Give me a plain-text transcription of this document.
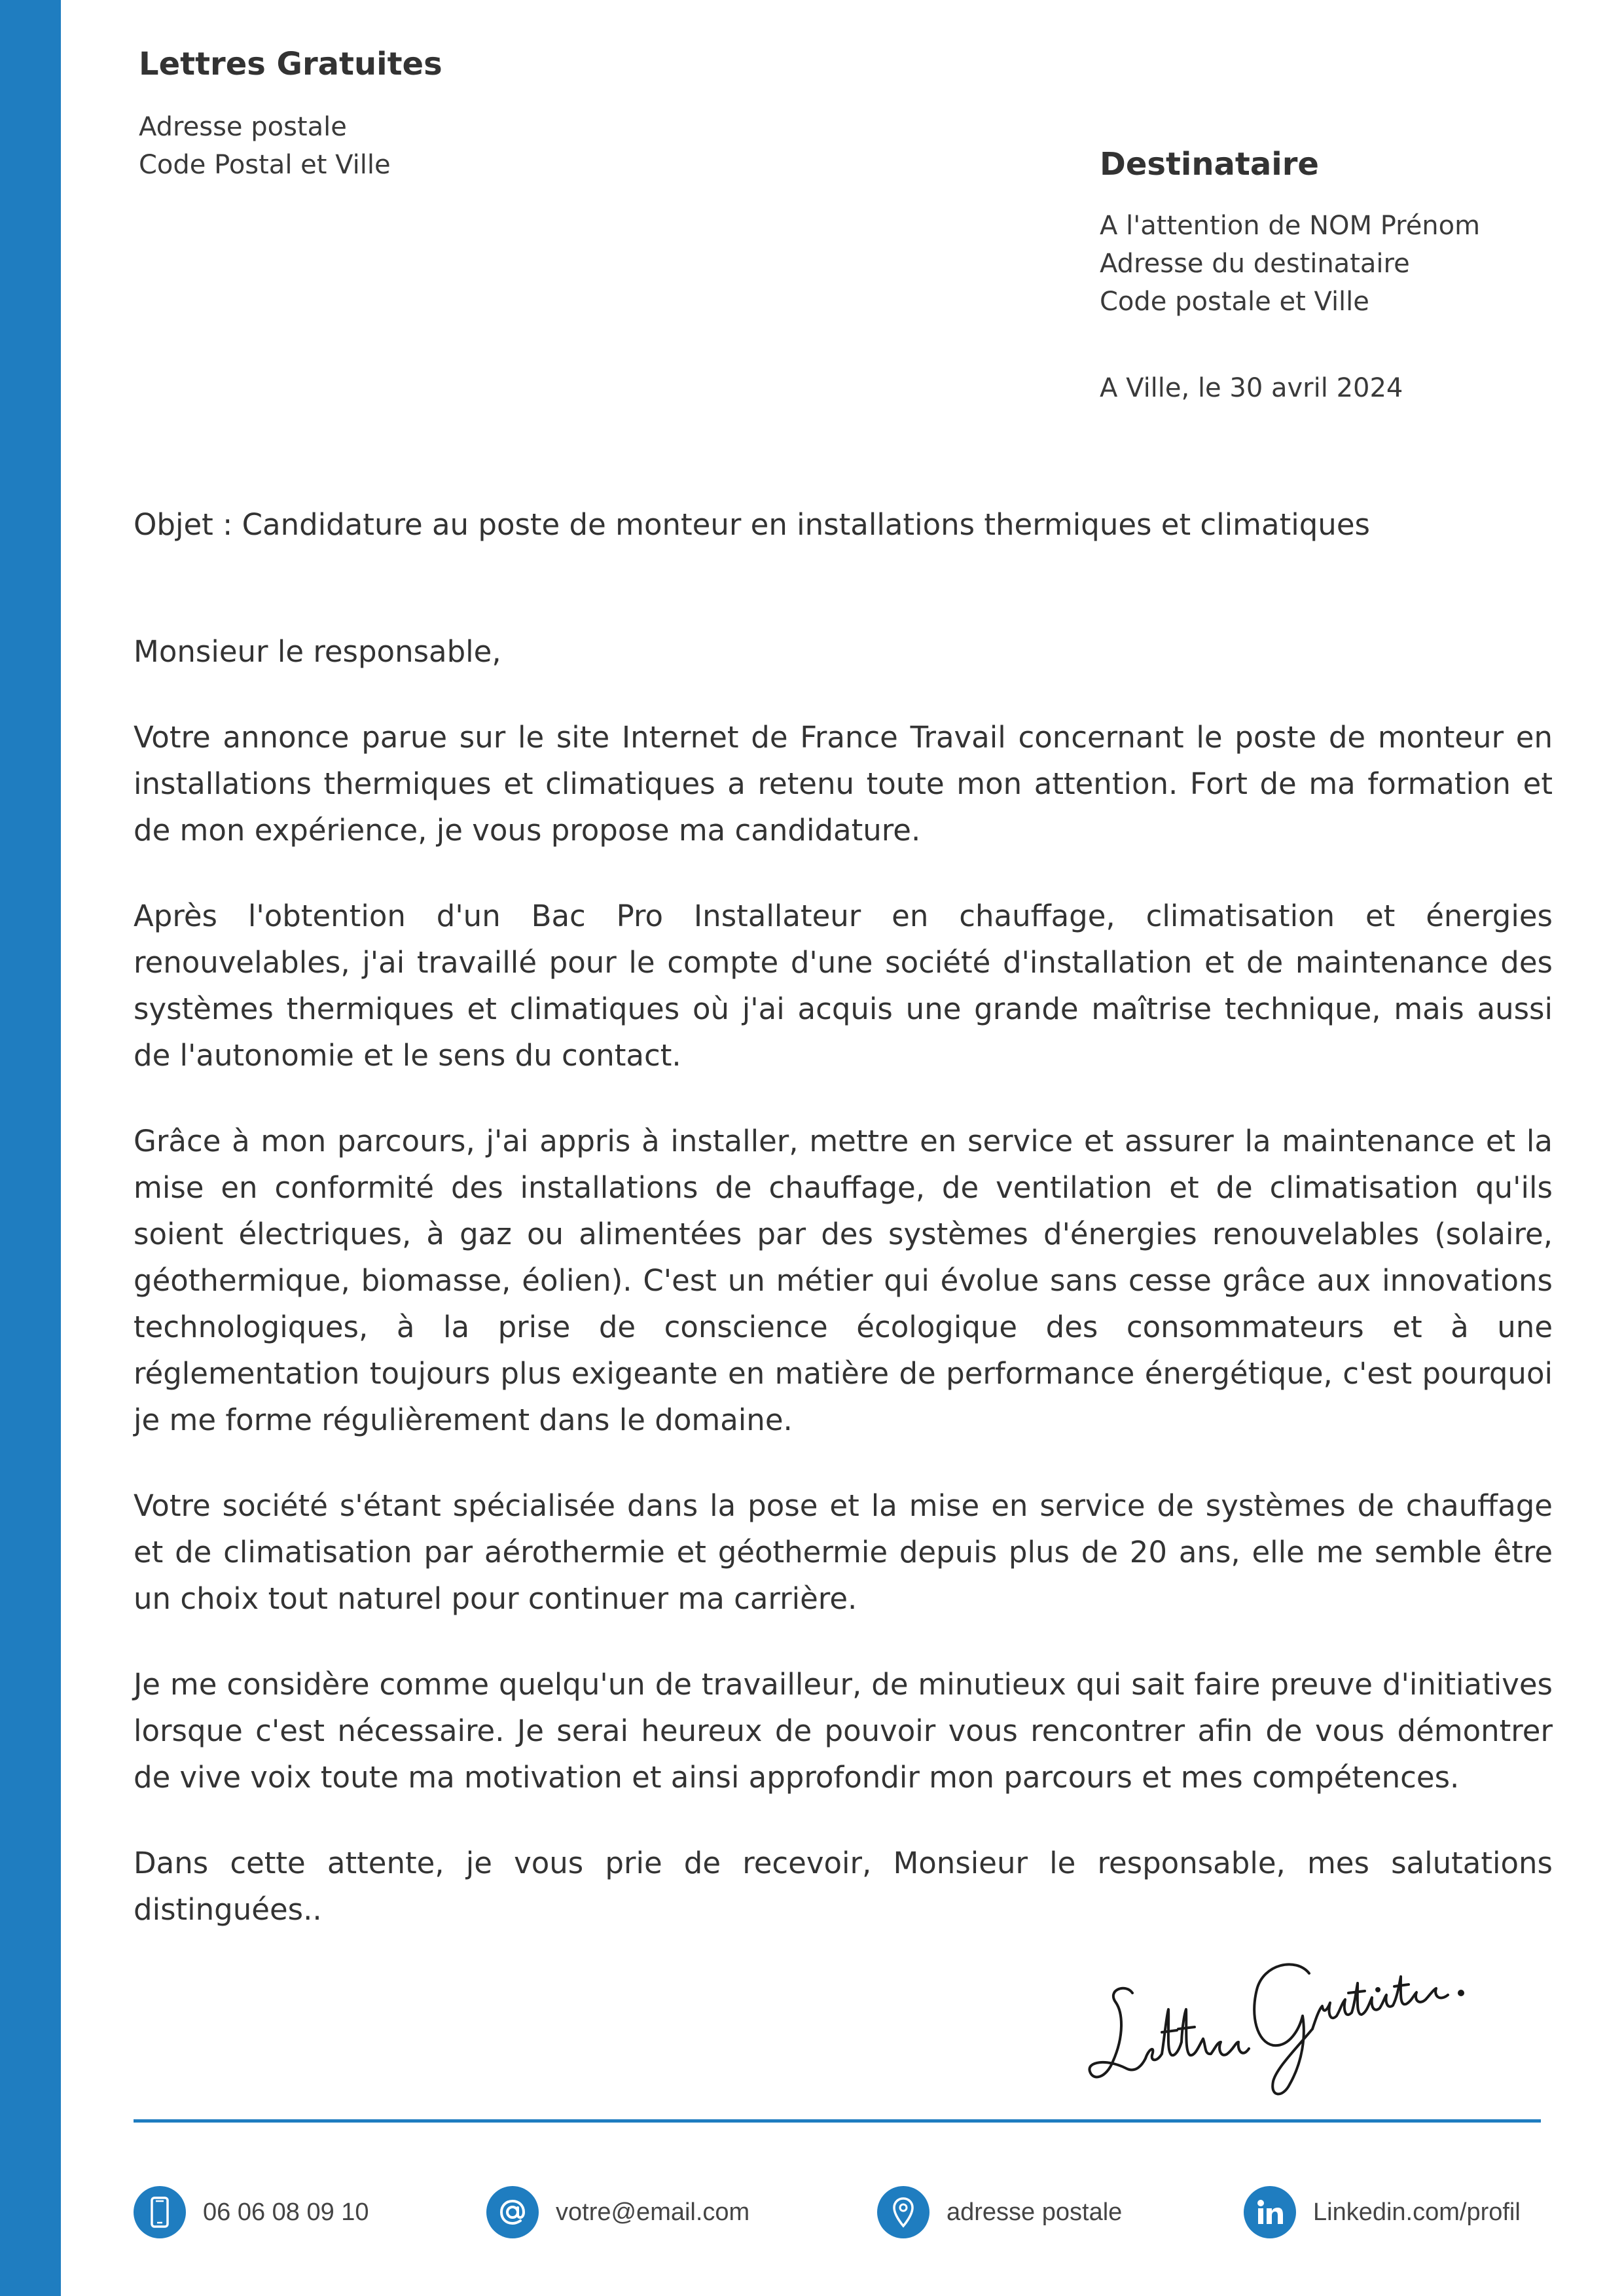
Lettres Gratuites
Adresse postale
Code Postal et Ville	Destinataire
A l'attention de NOM Prénom
Adresse du destinataire
Code postale et Ville
A Ville, le 30 avril 2024
Objet : Candidature au poste de monteur en installations thermiques et climatiques

Monsieur le responsable,

Votre annonce parue sur le site Internet de France Travail concernant le poste de monteur en installations thermiques et climatiques a retenu toute mon attention. Fort de ma formation et de mon expérience, je vous propose ma candidature.

Après l'obtention d'un Bac Pro Installateur en chauffage, climatisation et énergies renouvelables, j'ai travaillé pour le compte d'une société d'installation et de maintenance des systèmes thermiques et climatiques où j'ai acquis une grande maîtrise technique, mais aussi de l'autonomie et le sens du contact.

Grâce à mon parcours, j'ai appris à installer, mettre en service et assurer la maintenance et la mise en conformité des installations de chauffage, de ventilation et de climatisation qu'ils soient électriques, à gaz ou alimentées par des systèmes d'énergies renouvelables (solaire, géothermique, biomasse, éolien). C'est un métier qui évolue sans cesse grâce aux innovations technologiques, à la prise de conscience écologique des consommateurs et à une réglementation toujours plus exigeante en matière de performance énergétique, c'est pourquoi je me forme régulièrement dans le domaine.

Votre société s'étant spécialisée dans la pose et la mise en service de systèmes de chauffage et de climatisation par aérothermie et géothermie depuis plus de 20 ans, elle me semble être un choix tout naturel pour continuer ma carrière.

Je me considère comme quelqu'un de travailleur, de minutieux qui sait faire preuve d'initiatives lorsque c'est nécessaire. Je serai heureux de pouvoir vous rencontrer afin de vous démontrer de vive voix toute ma motivation et ainsi approfondir mon parcours et mes compétences.

Dans cette attente, je vous prie de recevoir, Monsieur le responsable, mes salutations distinguées..

06 06 08 09 10	votre@email.com	adresse postale	Linkedin.com/profil
